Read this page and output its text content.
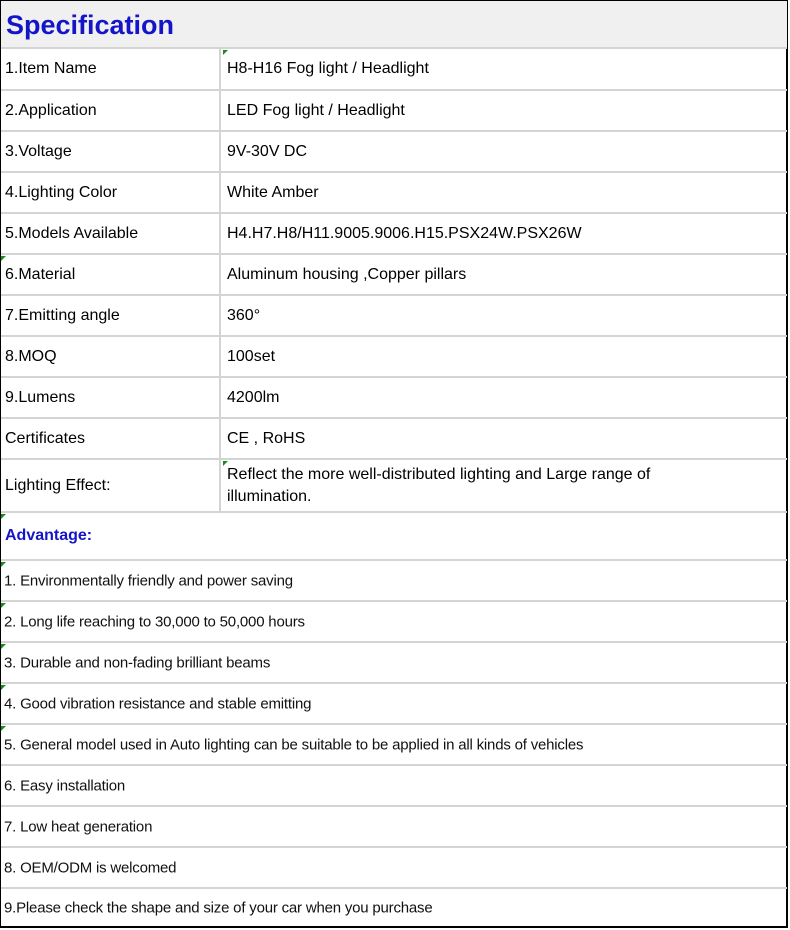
Specification
1.Item Name	H8-H16 Fog light / Headlight
2.Application	LED Fog light / Headlight
3.Voltage	9V-30V DC
4.Lighting Color	White Amber
5.Models Available	H4.H7.H8/H11.9005.9006.H15.PSX24W.PSX26W
6.Material	Aluminum housing ,Copper pillars
7.Emitting angle	360°
8.MOQ	100set
9.Lumens	4200lm
Certificates	CE , RoHS
Lighting Effect:
Reflect the more well-distributed lighting and Large range of illumination.
Advantage:
1. Environmentally friendly and power saving
2. Long life reaching to 30,000 to 50,000 hours
3. Durable and non-fading brilliant beams
4. Good vibration resistance and stable emitting
5. General model used in Auto lighting can be suitable to be applied in all kinds of vehicles
6. Easy installation
7. Low heat generation
8. OEM/ODM is welcomed
9.Please check the shape and size of your car when you purchase
